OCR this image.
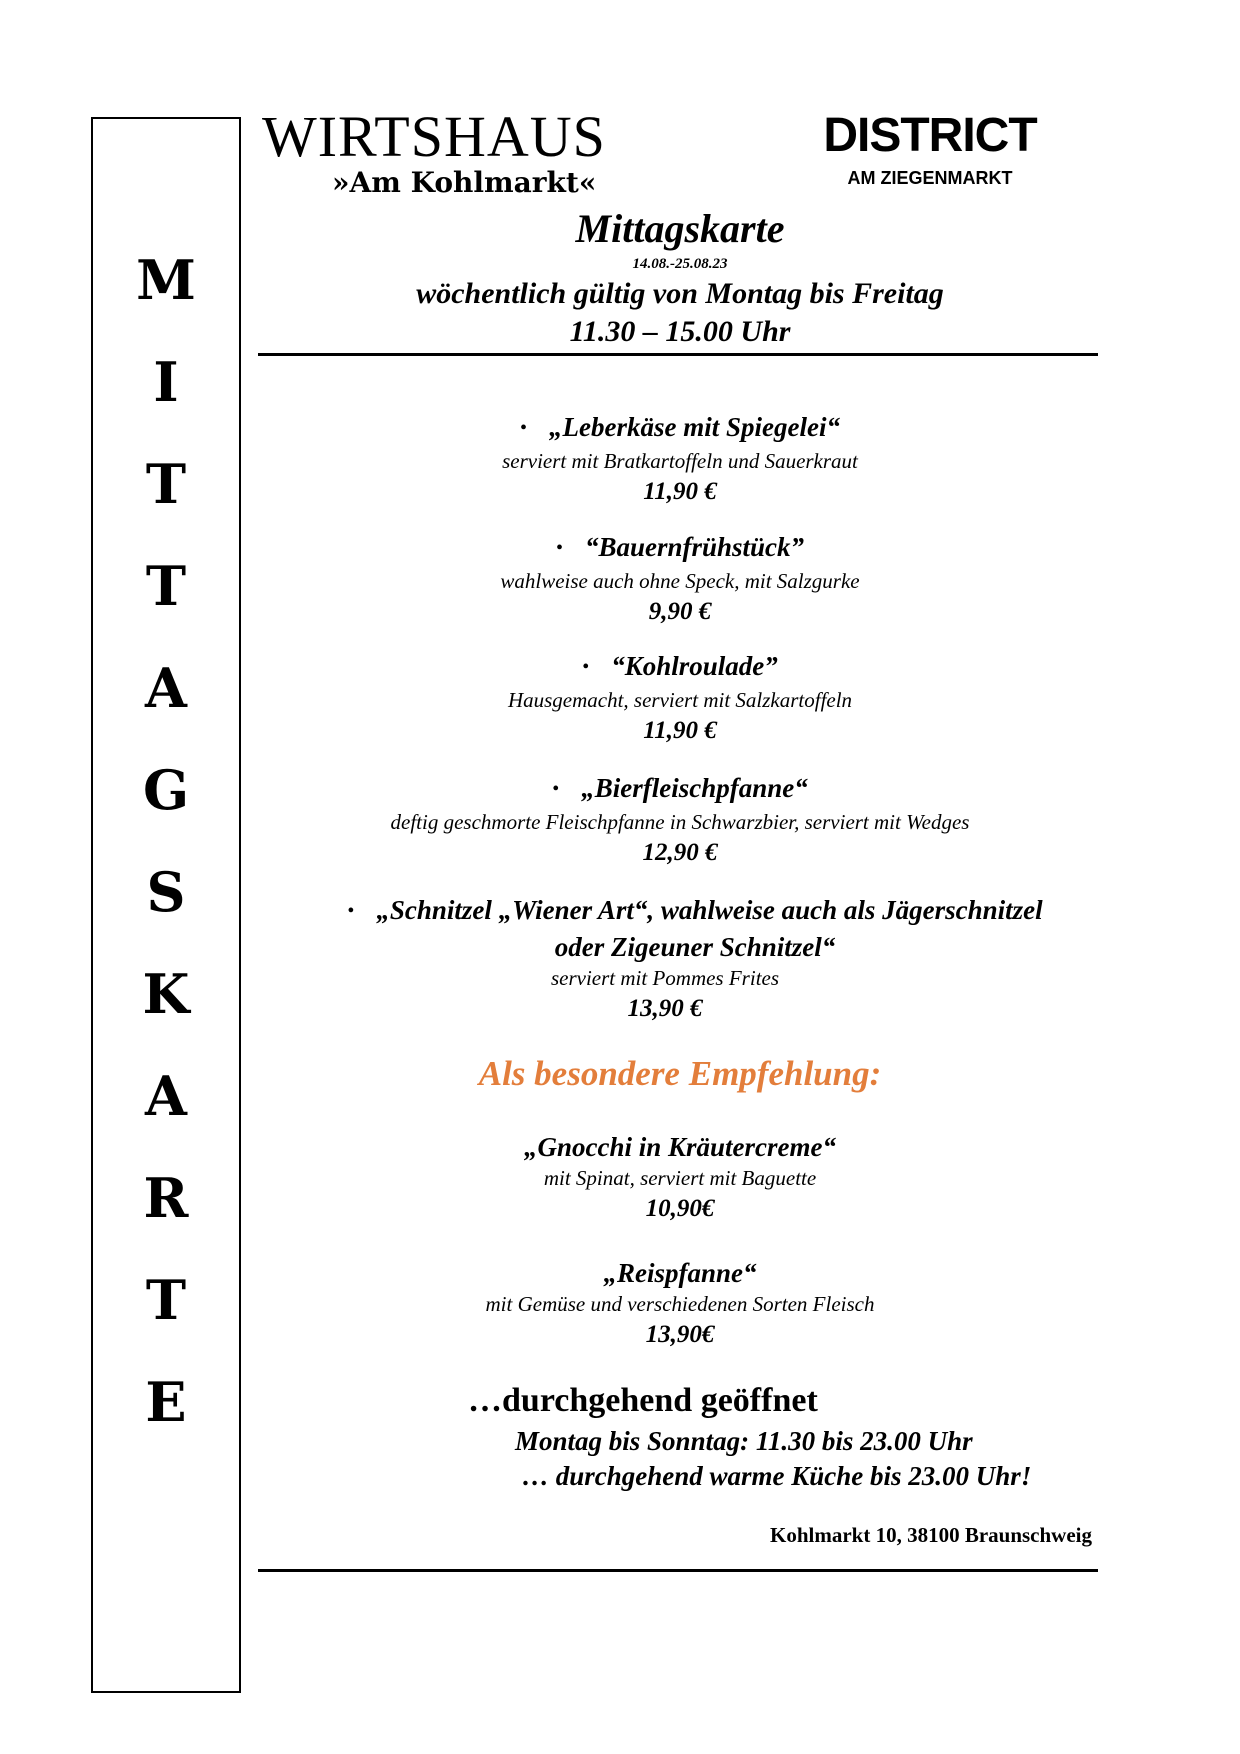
M
I
T
T
A
G
S
K
A
R
T
E
WIRTSHAUS
»Am Kohlmarkt«
DISTRICT
AM ZIEGENMARKT
Mittagskarte
14.08.-25.08.23
wöchentlich gültig von Montag bis Freitag
11.30 – 15.00 Uhr
• „Leberkäse mit Spiegelei“
serviert mit Bratkartoffeln und Sauerkraut
11,90 €
• “Bauernfrühstück”
wahlweise auch ohne Speck, mit Salzgurke
9,90 €
• “Kohlroulade”
Hausgemacht, serviert mit Salzkartoffeln
11,90 €
• „Bierfleischpfanne“
deftig geschmorte Fleischpfanne in Schwarzbier, serviert mit Wedges
12,90 €
• „Schnitzel „Wiener Art“, wahlweise auch als Jägerschnitzel
oder Zigeuner Schnitzel“
serviert mit Pommes Frites
13,90 €
Als besondere Empfehlung:
„Gnocchi in Kräutercreme“
mit Spinat, serviert mit Baguette
10,90€
„Reispfanne“
mit Gemüse und verschiedenen Sorten Fleisch
13,90€
…durchgehend geöffnet
Montag bis Sonntag: 11.30 bis 23.00 Uhr
… durchgehend warme Küche bis 23.00 Uhr!
Kohlmarkt 10, 38100 Braunschweig
